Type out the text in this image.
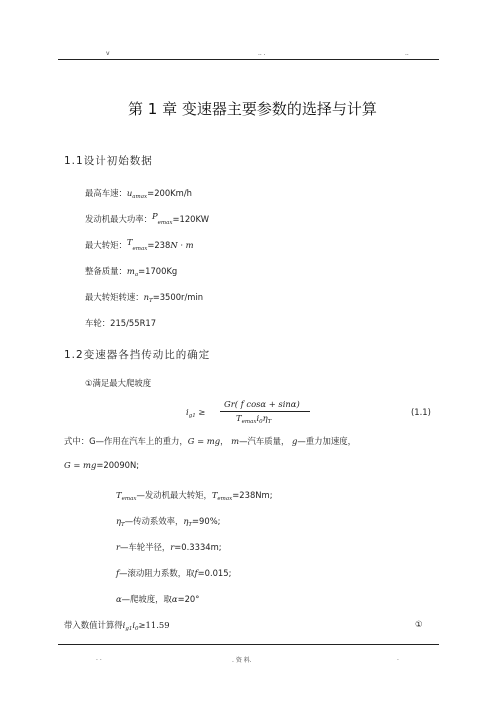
v	.. .	..
第 1 章 变速器主要参数的选择与计算
1.1设计初始数据
最高车速：$u_{amax}=200Km/h$
发动机最大功率：$P_{emax}=120KW$
最大转矩：$T_{emax}=238N \cdot m$
整备质量：$m_a=1700Kg$
最大转矩转速：$n_T=3500r/\min$
车轮：215/55R17
1.2变速器各挡传动比的确定
①满足最大爬坡度
$i_{g1}$ ≥
Gr( f cosα + sinα)
$T_{emax}i_0\eta_T$
(1.1)
式中：G—作用在汽车上的重力，G = mg， m—汽车质量， g—重力加速度，
G = mg=20090N;
$T_{emax}—$发动机最大转矩，$T_{emax}=238Nm$;
$\eta_T—$传动系效率，$\eta_T=90\%$;
r—车轮半径，r=0.3334m;
f—滚动阻力系数，取f=0.015;
α—爬坡度，取α=20°
带入数值计算得$i_{g1}i_0\ge 11.59$	①
. .	. 资 料.	.
